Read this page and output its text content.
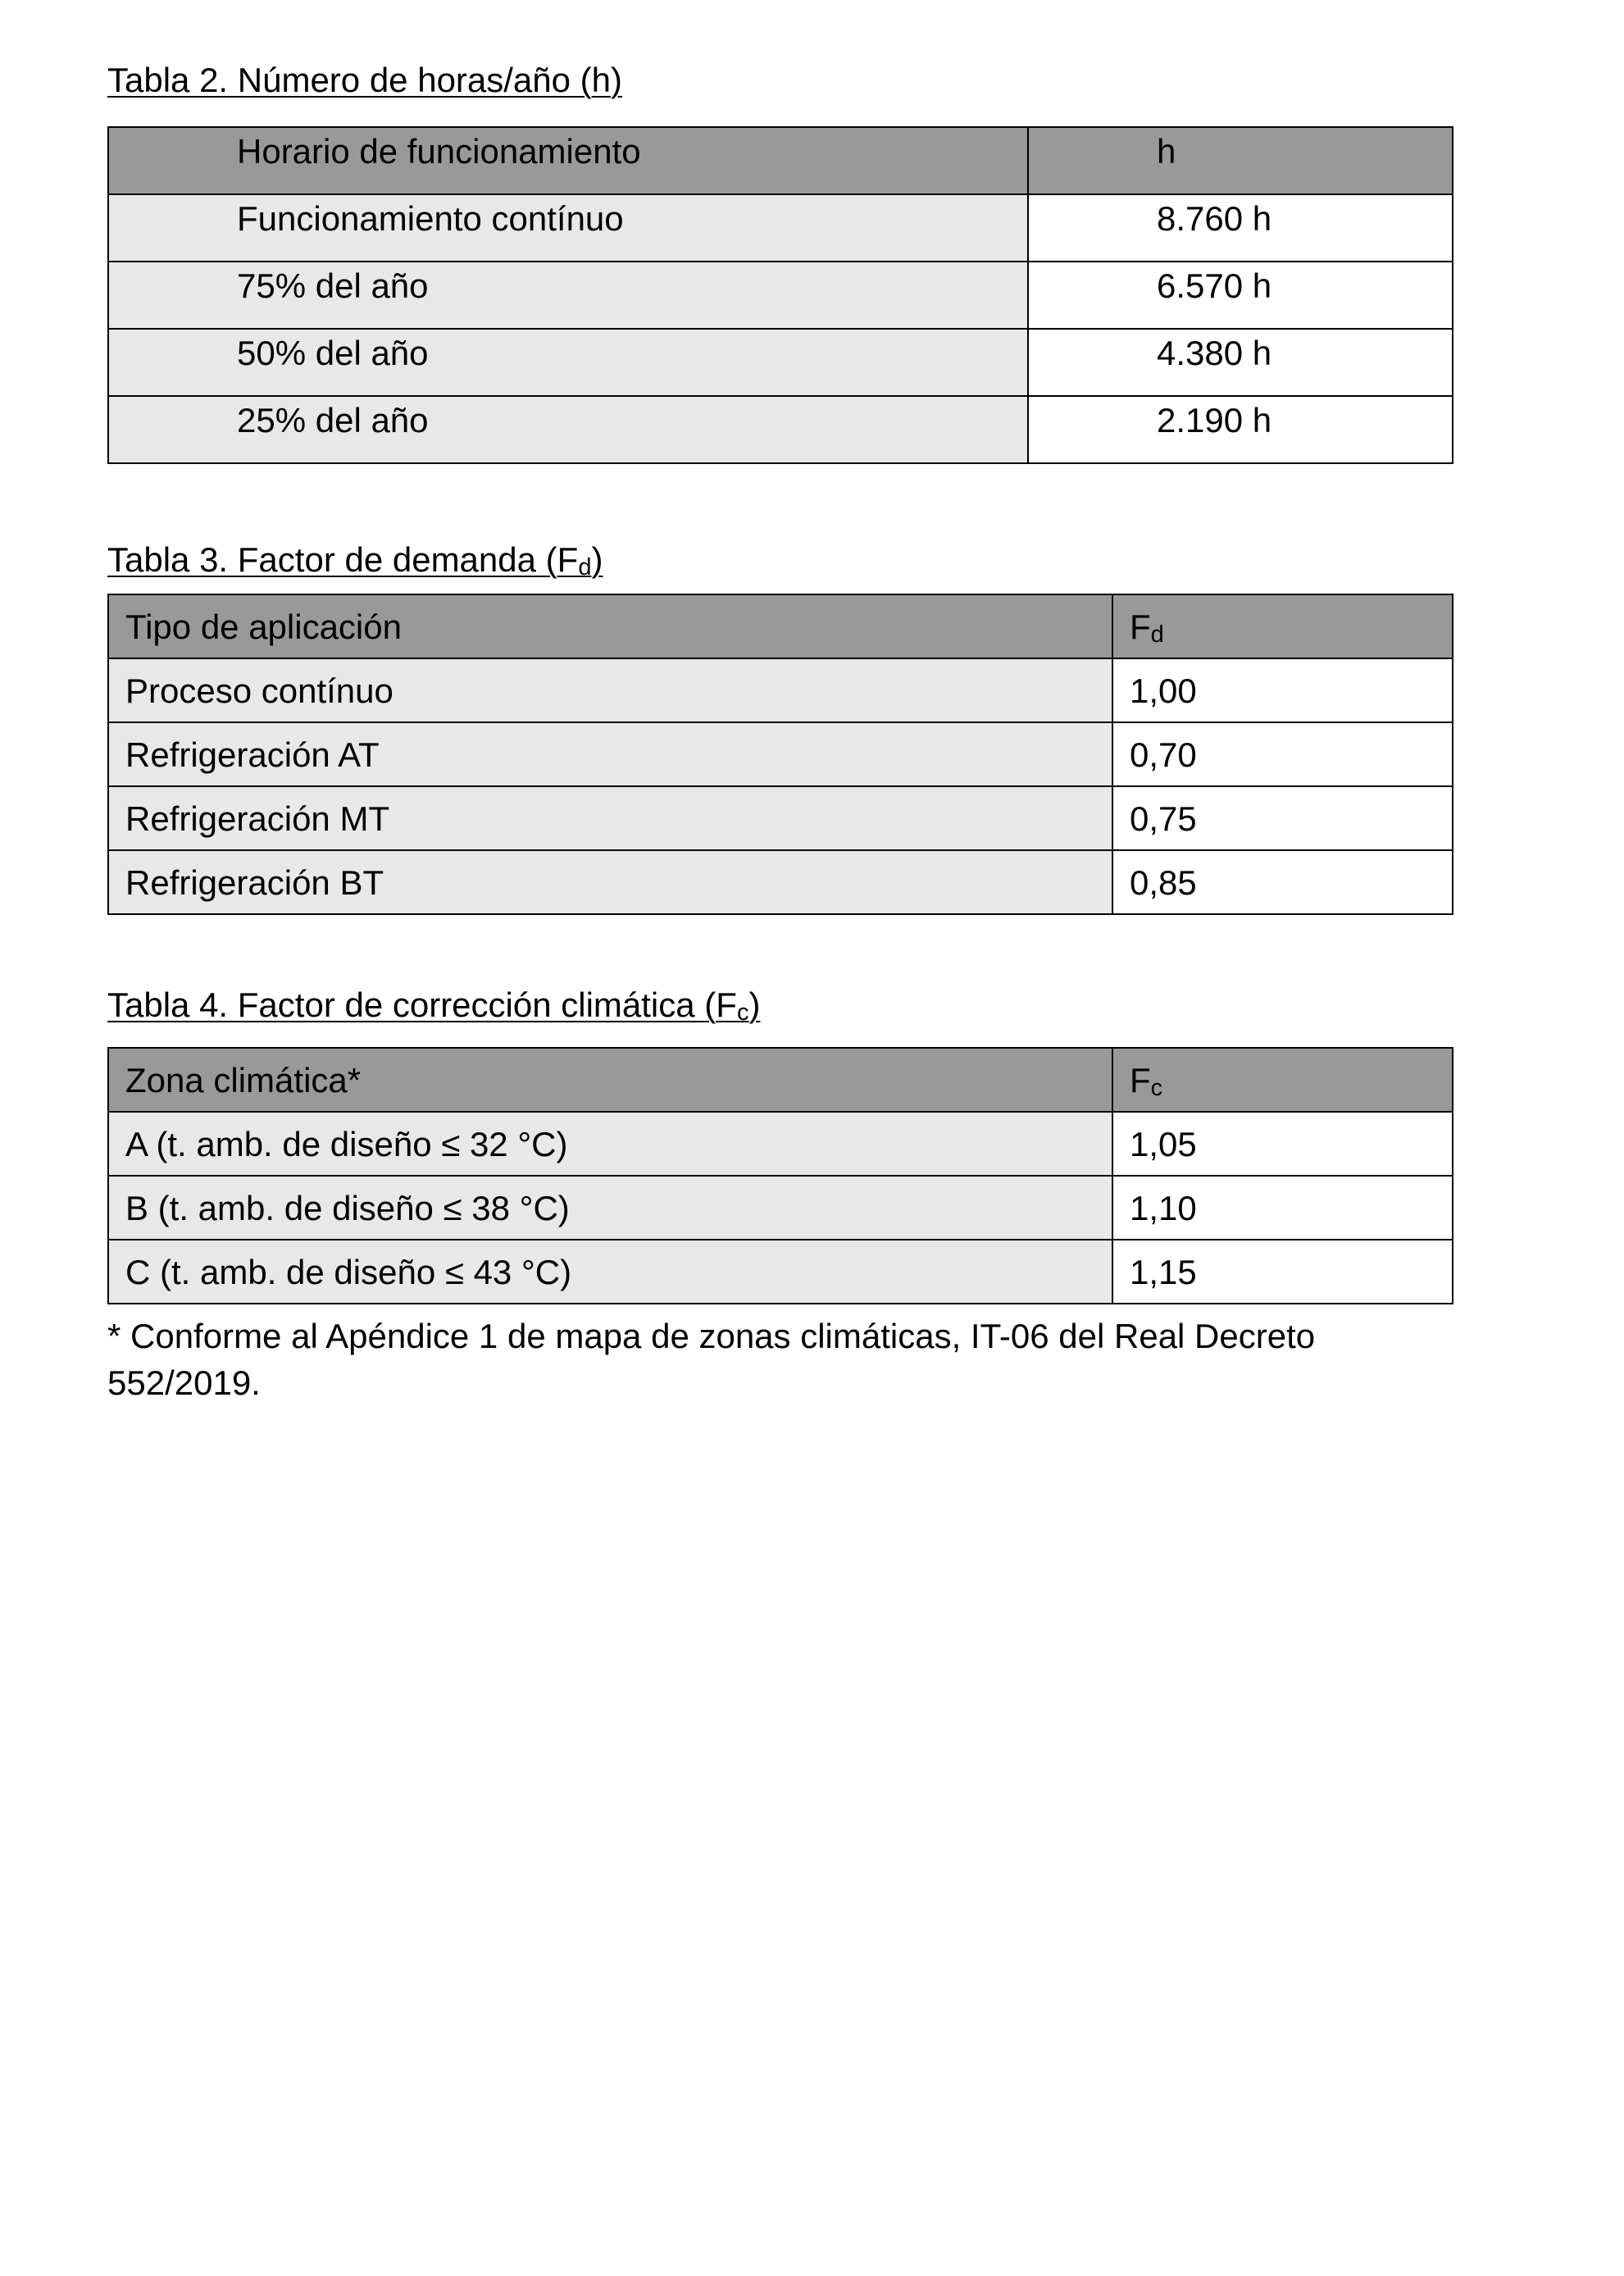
Tabla 2. Número de horas/año (h)
Horario de funcionamiento	h
Funcionamiento contínuo	8.760 h
75% del año	6.570 h
50% del año	4.380 h
25% del año	2.190 h
Tabla 3. Factor de demanda $(F_d)$
Tipo de aplicación	$F_d$
Proceso contínuo	1,00
Refrigeración AT	0,70
Refrigeración MT	0,75
Refrigeración BT	0,85
Tabla 4. Factor de corrección climática $(F_c)$
Zona climática*	$F_c$
A (t. amb. de diseño ≤ 32 °C)	1,05
B (t. amb. de diseño ≤ 38 °C)	1,10
C (t. amb. de diseño ≤ 43 °C)	1,15
* Conforme al Apéndice 1 de mapa de zonas climáticas, IT-06 del Real Decreto 552/2019.
